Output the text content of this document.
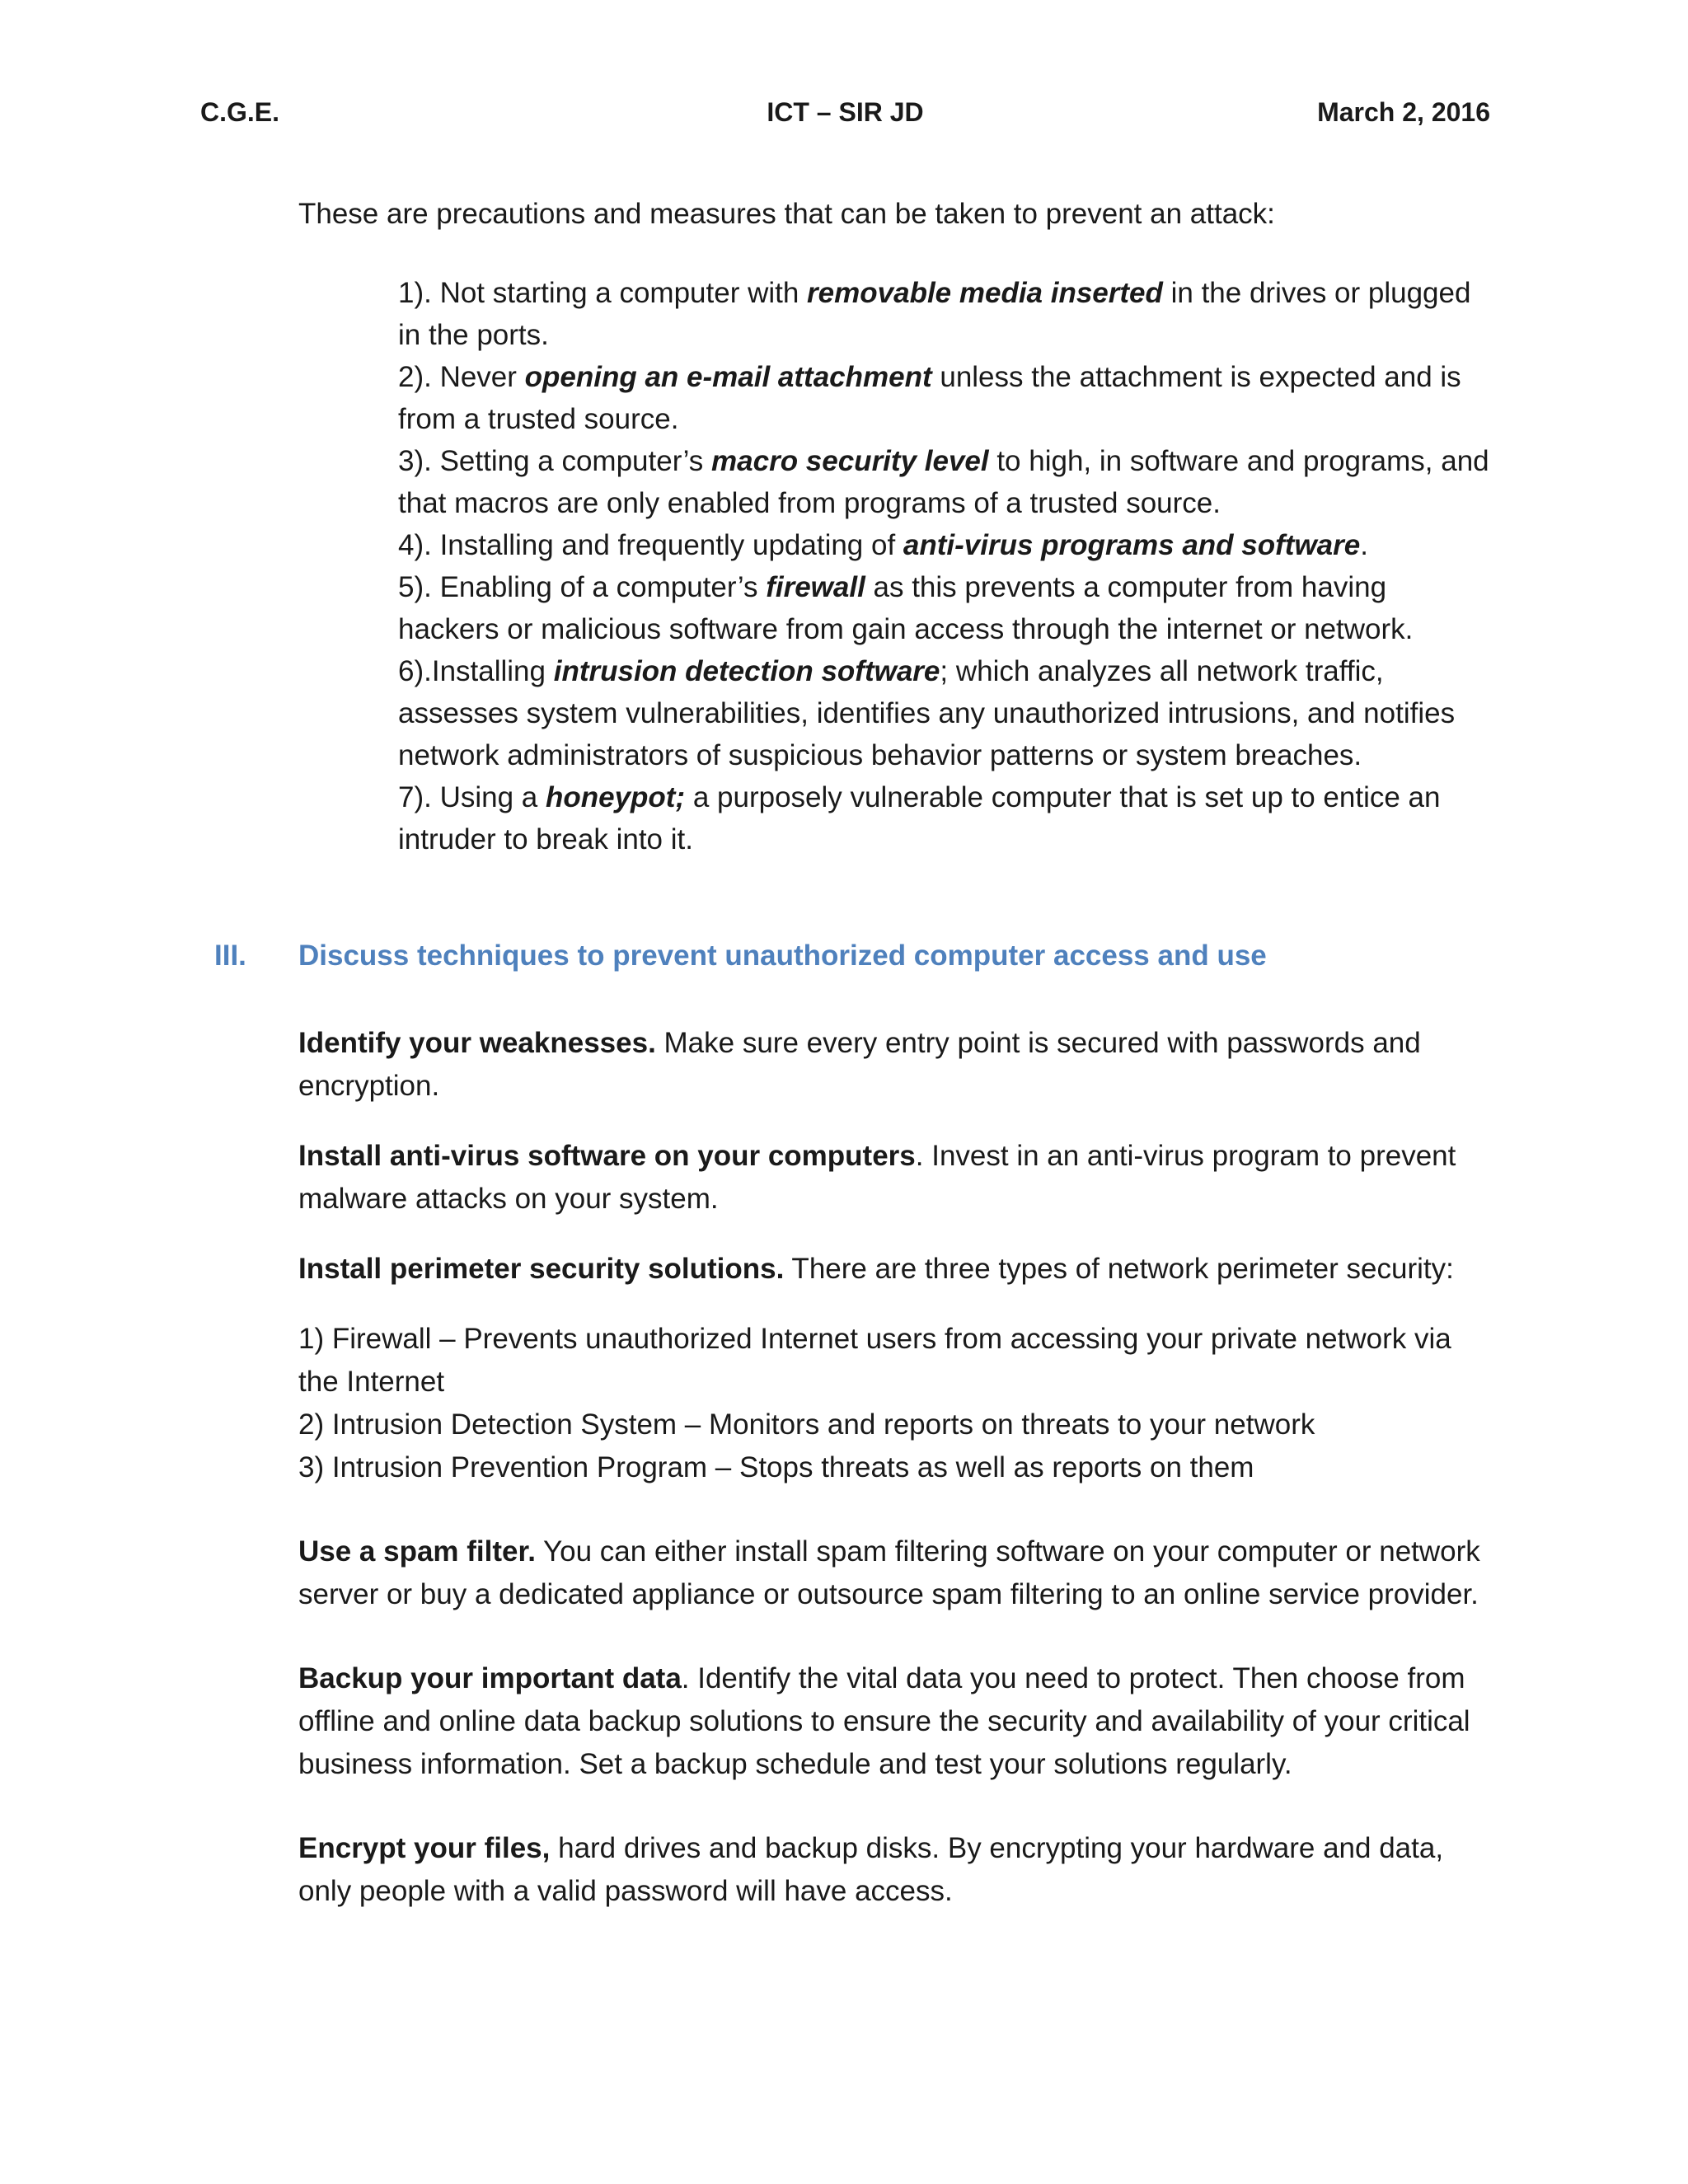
C.G.E.	ICT – SIR JD	March 2, 2016

These are precautions and measures that can be taken to prevent an attack:

1). Not starting a computer with removable media inserted in the drives or plugged in the ports.
2). Never opening an e-mail attachment unless the attachment is expected and is from a trusted source.
3). Setting a computer’s macro security level to high, in software and programs, and that macros are only enabled from programs of a trusted source.
4). Installing and frequently updating of anti-virus programs and software.
5). Enabling of a computer’s firewall as this prevents a computer from having hackers or malicious software from gain access through the internet or network.
6).Installing intrusion detection software; which analyzes all network traffic, assesses system vulnerabilities, identifies any unauthorized intrusions, and notifies network administrators of suspicious behavior patterns or system breaches.
7). Using a honeypot; a purposely vulnerable computer that is set up to entice an intruder to break into it.
III. Discuss techniques to prevent unauthorized computer access and use

Identify your weaknesses. Make sure every entry point is secured with passwords and encryption.

Install anti-virus software on your computers. Invest in an anti-virus program to prevent malware attacks on your system.

Install perimeter security solutions. There are three types of network perimeter security:

1) Firewall – Prevents unauthorized Internet users from accessing your private network via the Internet

2) Intrusion Detection System – Monitors and reports on threats to your network

3) Intrusion Prevention Program – Stops threats as well as reports on them

Use a spam filter. You can either install spam filtering software on your computer or network server or buy a dedicated appliance or outsource spam filtering to an online service provider.

Backup your important data. Identify the vital data you need to protect. Then choose from offline and online data backup solutions to ensure the security and availability of your critical business information. Set a backup schedule and test your solutions regularly.

Encrypt your files, hard drives and backup disks. By encrypting your hardware and data, only people with a valid password will have access.
